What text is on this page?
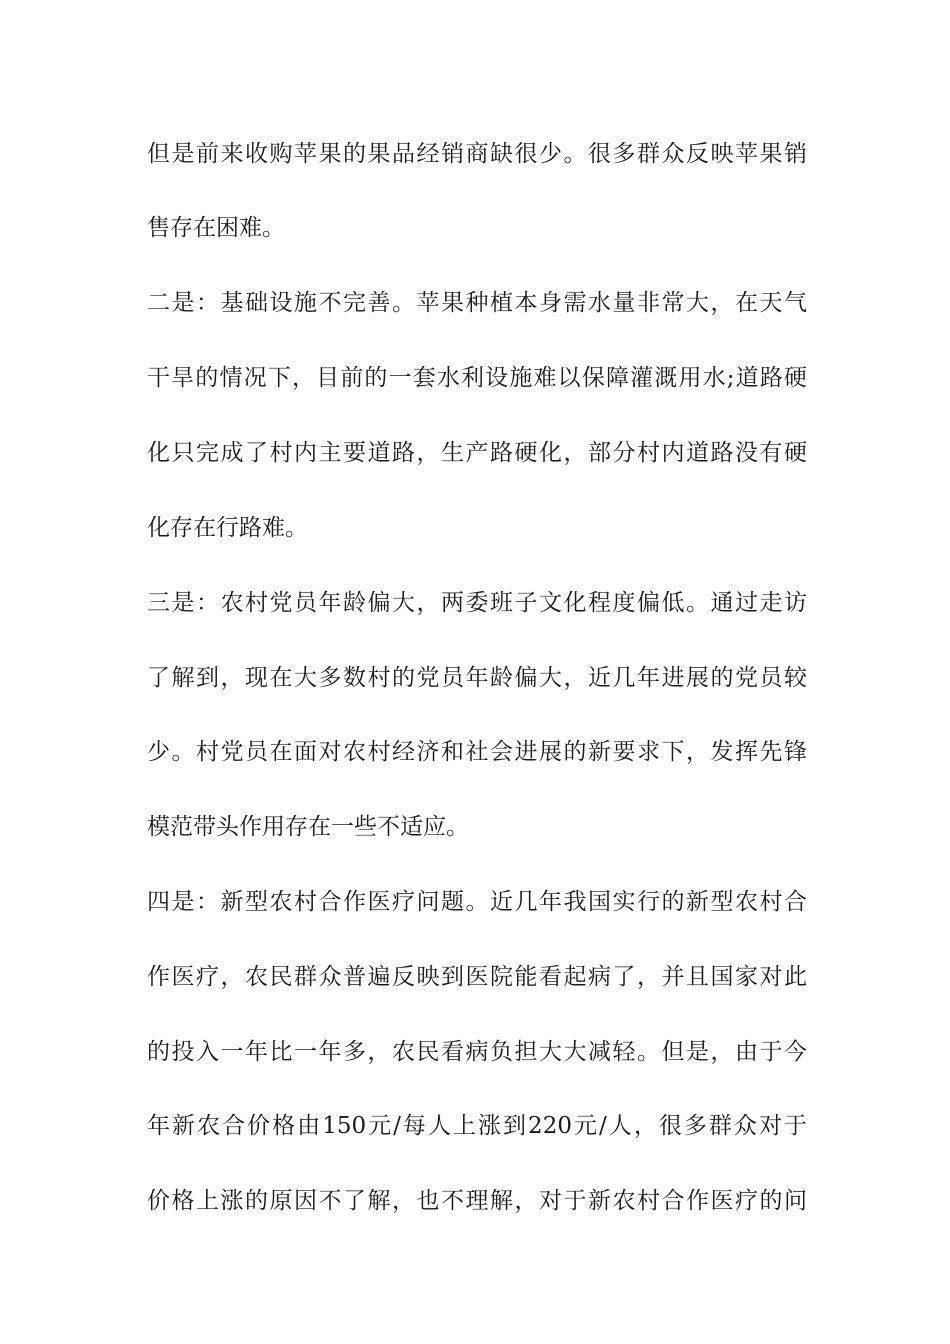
但是前来收购苹果的果品经销商缺很少。很多群众反映苹果销
售存在困难。
二是：基础设施不完善。苹果种植本身需水量非常大，在天气
干旱的情况下，目前的一套水利设施难以保障灌溉用水;道路硬
化只完成了村内主要道路，生产路硬化，部分村内道路没有硬
化存在行路难。
三是：农村党员年龄偏大，两委班子文化程度偏低。通过走访
了解到，现在大多数村的党员年龄偏大，近几年进展的党员较
少。村党员在面对农村经济和社会进展的新要求下，发挥先锋
模范带头作用存在一些不适应。
四是：新型农村合作医疗问题。近几年我国实行的新型农村合
作医疗，农民群众普遍反映到医院能看起病了，并且国家对此
的投入一年比一年多，农民看病负担大大减轻。但是，由于今
年新农合价格由150元/每人上涨到220元/人，很多群众对于
价格上涨的原因不了解，也不理解，对于新农村合作医疗的问
